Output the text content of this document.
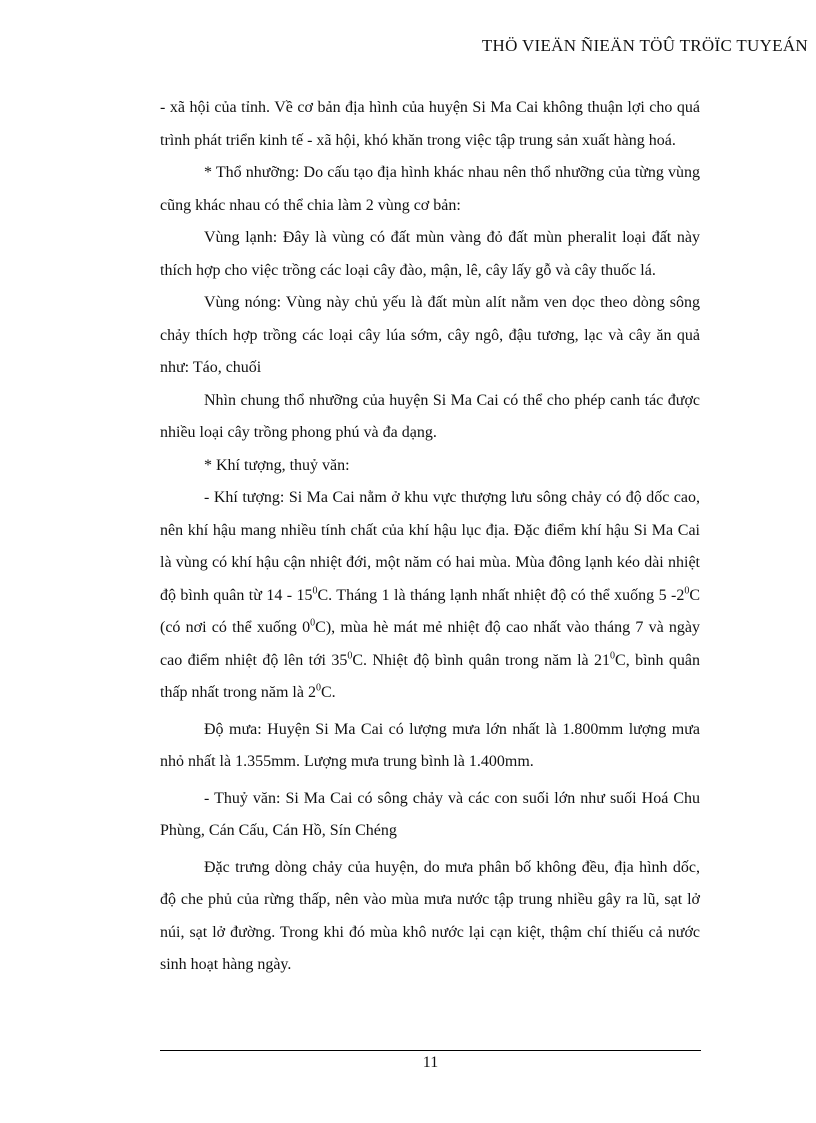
THÖ VIEÄN ÑIEÄN TÖÛ TRÖÏC TUYEÁN

- xã hội của tỉnh. Về cơ bản địa hình của huyện Si Ma Cai không thuận lợi cho quá trình phát triển kinh tế - xã hội, khó khăn trong việc tập trung sản xuất hàng hoá.

* Thổ nhưỡng: Do cấu tạo địa hình khác nhau nên thổ nhưỡng của từng vùng cũng khác nhau có thể chia làm 2 vùng cơ bản:

Vùng lạnh: Đây là vùng có đất mùn vàng đỏ đất mùn pheralit loại đất này thích hợp cho việc trồng các loại cây đào, mận, lê, cây lấy gỗ và cây thuốc lá.

Vùng nóng: Vùng này chủ yếu là đất mùn alít nằm ven dọc theo dòng sông chảy thích hợp trồng các loại cây lúa sớm, cây ngô, đậu tương, lạc và cây ăn quả như: Táo, chuối

Nhìn chung thổ nhưỡng của huyện Si Ma Cai có thể cho phép canh tác được nhiều loại cây trồng phong phú và đa dạng.

* Khí tượng, thuỷ văn:

- Khí tượng: Si Ma Cai nằm ở khu vực thượng lưu sông chảy có độ dốc cao, nên khí hậu mang nhiều tính chất của khí hậu lục địa. Đặc điểm khí hậu Si Ma Cai là vùng có khí hậu cận nhiệt đới, một năm có hai mùa. Mùa đông lạnh kéo dài nhiệt độ bình quân từ $14 - 15^0C$. Tháng 1 là tháng lạnh nhất nhiệt độ có thể xuống 5 $-2^0C$ (có nơi có thể xuống $0^0C$), mùa hè mát mẻ nhiệt độ cao nhất vào tháng 7 và ngày cao điểm nhiệt độ lên tới $35^0C$. Nhiệt độ bình quân trong năm là $21^0C$, bình quân thấp nhất trong năm là $2^0C$.

Độ mưa: Huyện Si Ma Cai có lượng mưa lớn nhất là 1.800mm lượng mưa nhỏ nhất là 1.355mm. Lượng mưa trung bình là 1.400mm.

- Thuỷ văn: Si Ma Cai có sông chảy và các con suối lớn như suối Hoá Chu Phùng, Cán Cấu, Cán Hồ, Sín Chéng

Đặc trưng dòng chảy của huyện, do mưa phân bố không đều, địa hình dốc, độ che phủ của rừng thấp, nên vào mùa mưa nước tập trung nhiều gây ra lũ, sạt lở núi, sạt lở đường. Trong khi đó mùa khô nước lại cạn kiệt, thậm chí thiếu cả nước sinh hoạt hàng ngày.

11
